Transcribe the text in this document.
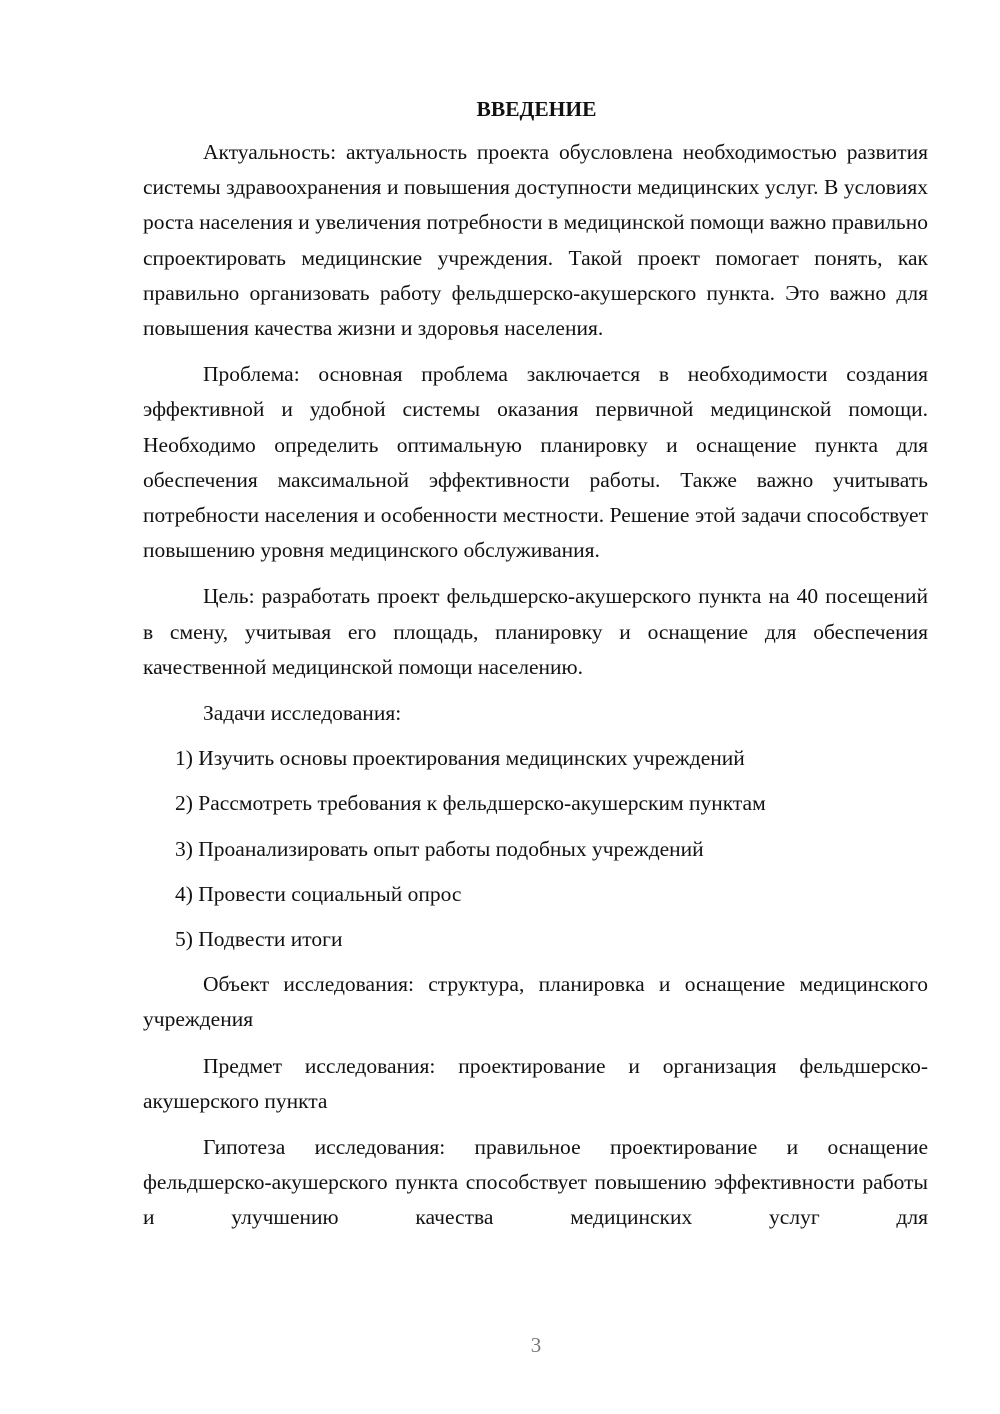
ВВЕДЕНИЕ

Актуальность: актуальность проекта обусловлена необходимостью развития системы здравоохранения и повышения доступности медицинских услуг. В условиях роста населения и увеличения потребности в медицинской помощи важно правильно спроектировать медицинские учреждения. Такой проект помогает понять, как правильно организовать работу фельдшерско-акушерского пункта. Это важно для повышения качества жизни и здоровья населения.

Проблема: основная проблема заключается в необходимости создания эффективной и удобной системы оказания первичной медицинской помощи. Необходимо определить оптимальную планировку и оснащение пункта для обеспечения максимальной эффективности работы. Также важно учитывать потребности населения и особенности местности. Решение этой задачи способствует повышению уровня медицинского обслуживания.

Цель: разработать проект фельдшерско-акушерского пункта на 40 посещений в смену, учитывая его площадь, планировку и оснащение для обеспечения качественной медицинской помощи населению.

Задачи исследования:

1) Изучить основы проектирования медицинских учреждений
2) Рассмотреть требования к фельдшерско-акушерским пунктам
3) Проанализировать опыт работы подобных учреждений
4) Провести социальный опрос
5) Подвести итоги

Объект исследования: структура, планировка и оснащение медицинского учреждения

Предмет исследования: проектирование и организация фельдшерско-акушерского пункта

Гипотеза исследования: правильное проектирование и оснащение фельдшерско-акушерского пункта способствует повышению эффективности работы и улучшению качества медицинских услуг для

3
